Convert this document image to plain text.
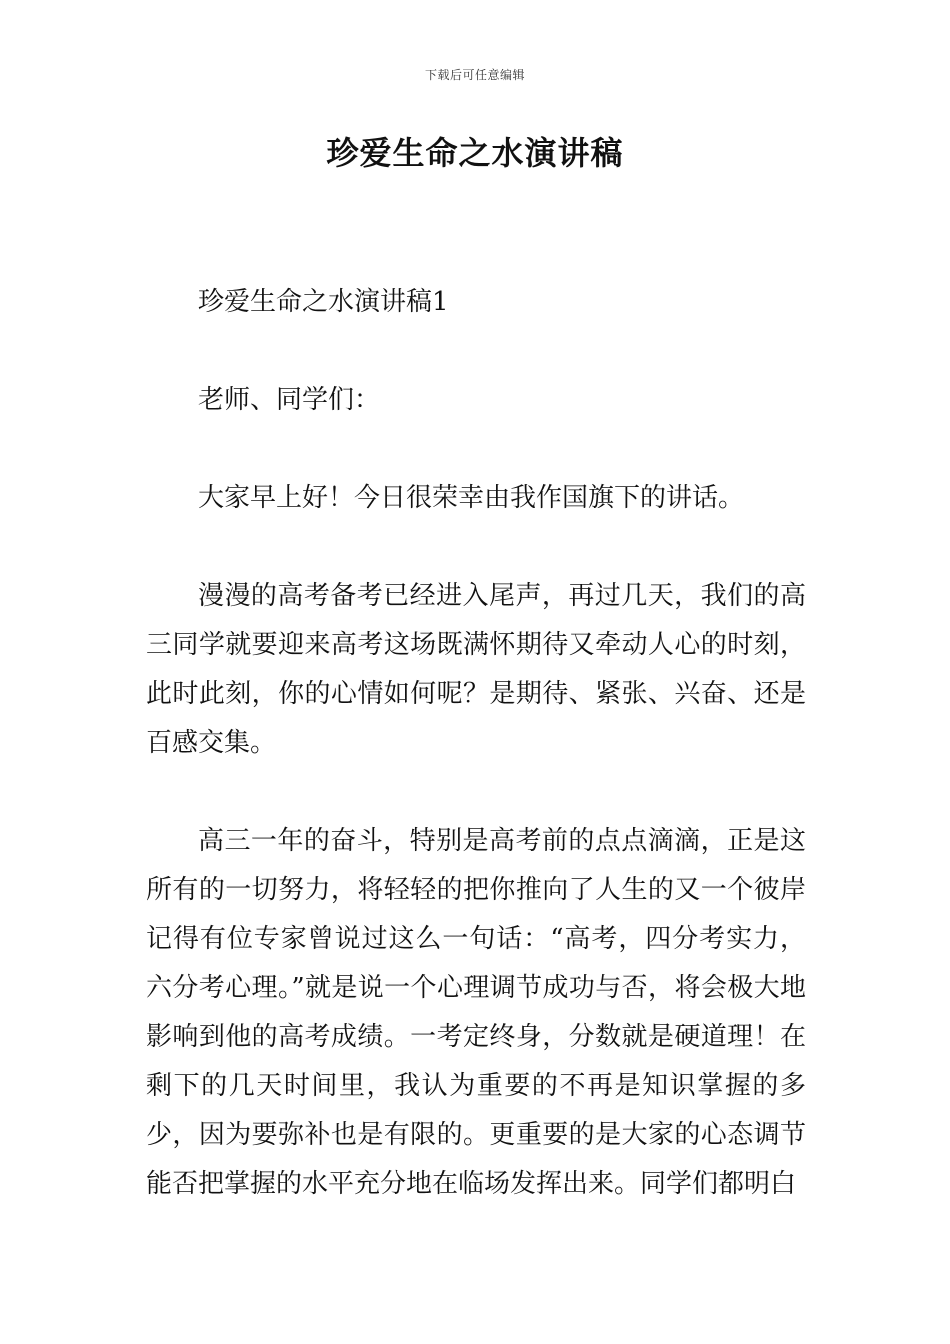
下载后可任意编辑
珍爱生命之水演讲稿

珍爱生命之水演讲稿1

老师、同学们：

大家早上好！今日很荣幸由我作国旗下的讲话。

漫漫的高考备考已经进入尾声，再过几天，我们的高三同学就要迎来高考这场既满怀期待又牵动人心的时刻，此时此刻，你的心情如何呢？是期待、紧张、兴奋、还是百感交集。

高三一年的奋斗，特别是高考前的点点滴滴，正是这所有的一切努力，将轻轻的把你推向了人生的又一个彼岸记得有位专家曾说过这么一句话：“高考，四分考实力，六分考心理。”就是说一个心理调节成功与否，将会极大地影响到他的高考成绩。一考定终身，分数就是硬道理！在剩下的几天时间里，我认为重要的不再是知识掌握的多少，因为要弥补也是有限的。更重要的是大家的心态调节能否把掌握的水平充分地在临场发挥出来。同学们都明白
